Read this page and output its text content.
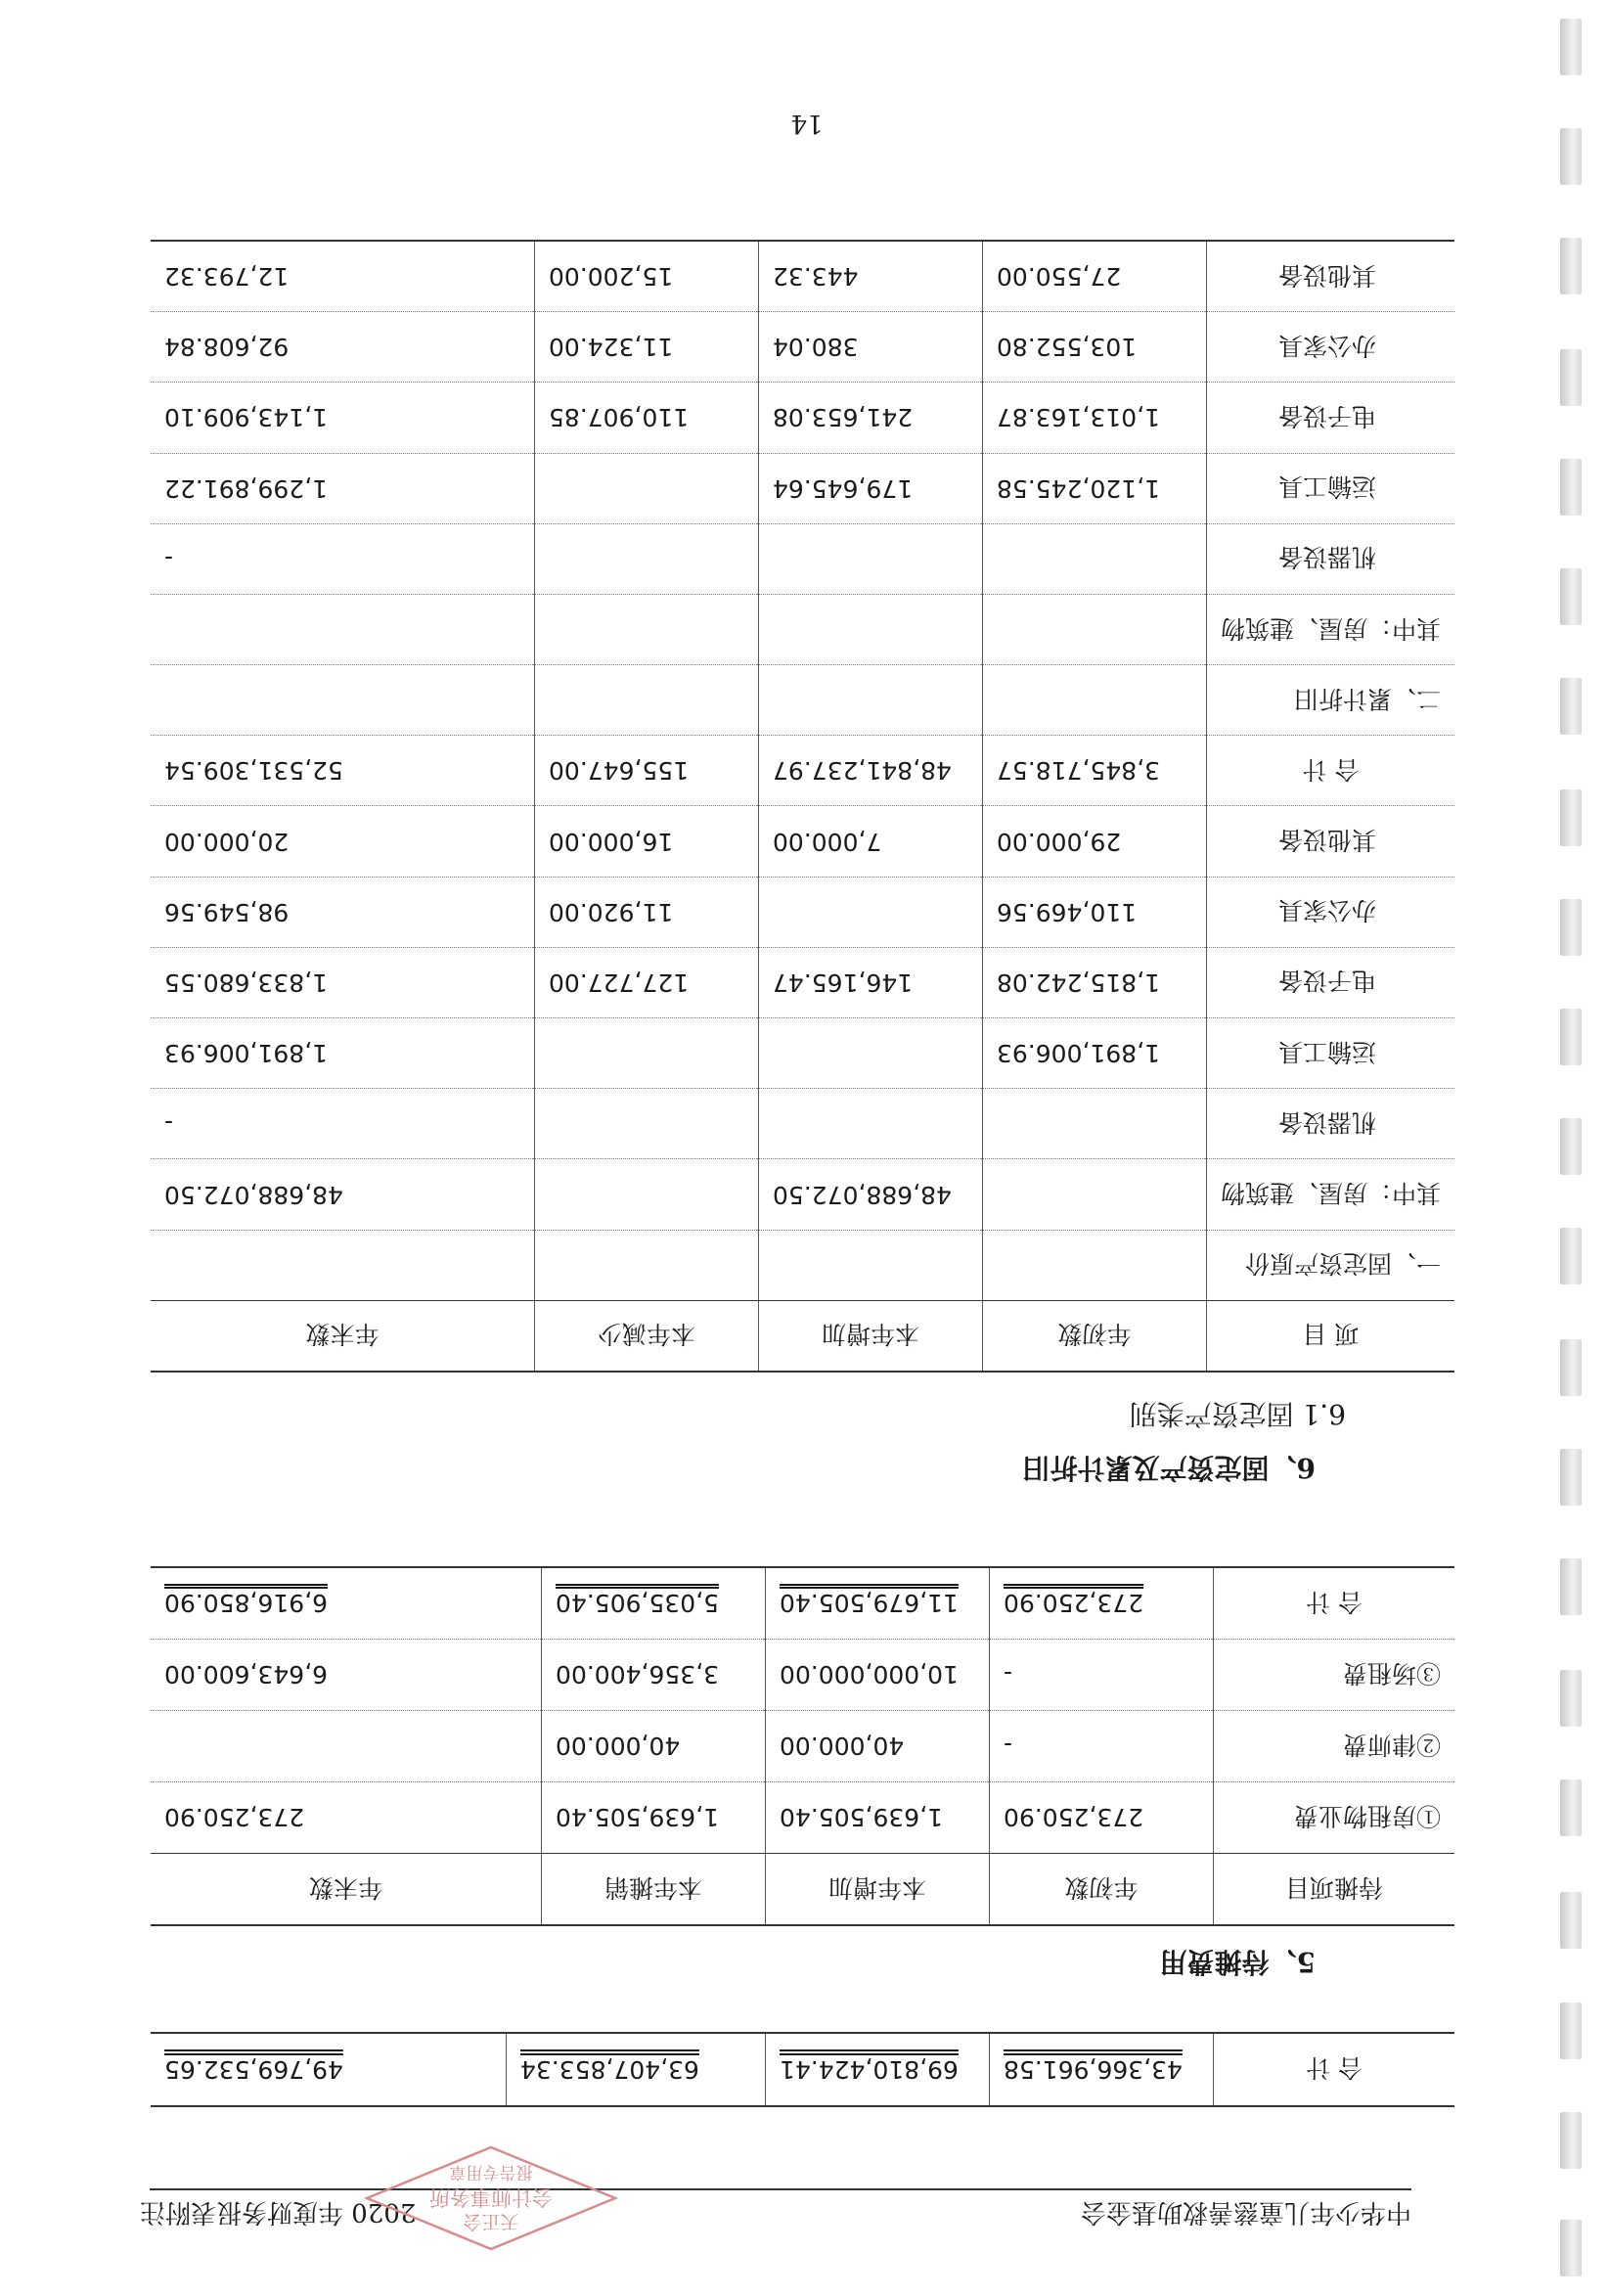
中华少年儿童慈善救助基金会
2020 年度财务报表附注	天正会
会计师事务所
报告专用章
合 计	43,366,961.58	69,810,424.41	63,407,853.34	49,769,532.65
5、待摊费用
待摊项目	年初数	本年增加	本年摊销	年末数
①房租物业费	273,250.90	1,639,505.40	1,639,505.40	273,250.90
②律师费	-	40,000.00	40,000.00	
③场租费	-	10,000,000.00	3,356,400.00	6,643,600.00
合 计	273,250.90	11,679,505.40	5,035,905.40	6,916,850.90
6、固定资产及累计折旧
6.1 固定资产类别
项 目	年初数	本年增加	本年减少	年末数
一、固定资产原价				
其中：房屋、建筑物		48,688,072.50		48,688,072.50
机器设备				-
运输工具	1,891,006.93			1,891,006.93
电子设备	1,815,242.08	146,165.47	127,727.00	1,833,680.55
办公家具	110,469.56		11,920.00	98,549.56
其他设备	29,000.00	7,000.00	16,000.00	20,000.00
合 计	3,845,718.57	48,841,237.97	155,647.00	52,531,309.54
二、累计折旧				
其中：房屋、建筑物				
机器设备				-
运输工具	1,120,245.58	179,645.64		1,299,891.22
电子设备	1,013,163.87	241,653.08	110,907.85	1,143,909.10
办公家具	103,552.80	380.04	11,324.00	92,608.84
其他设备	27,550.00	443.32	15,200.00	12,793.32
14
